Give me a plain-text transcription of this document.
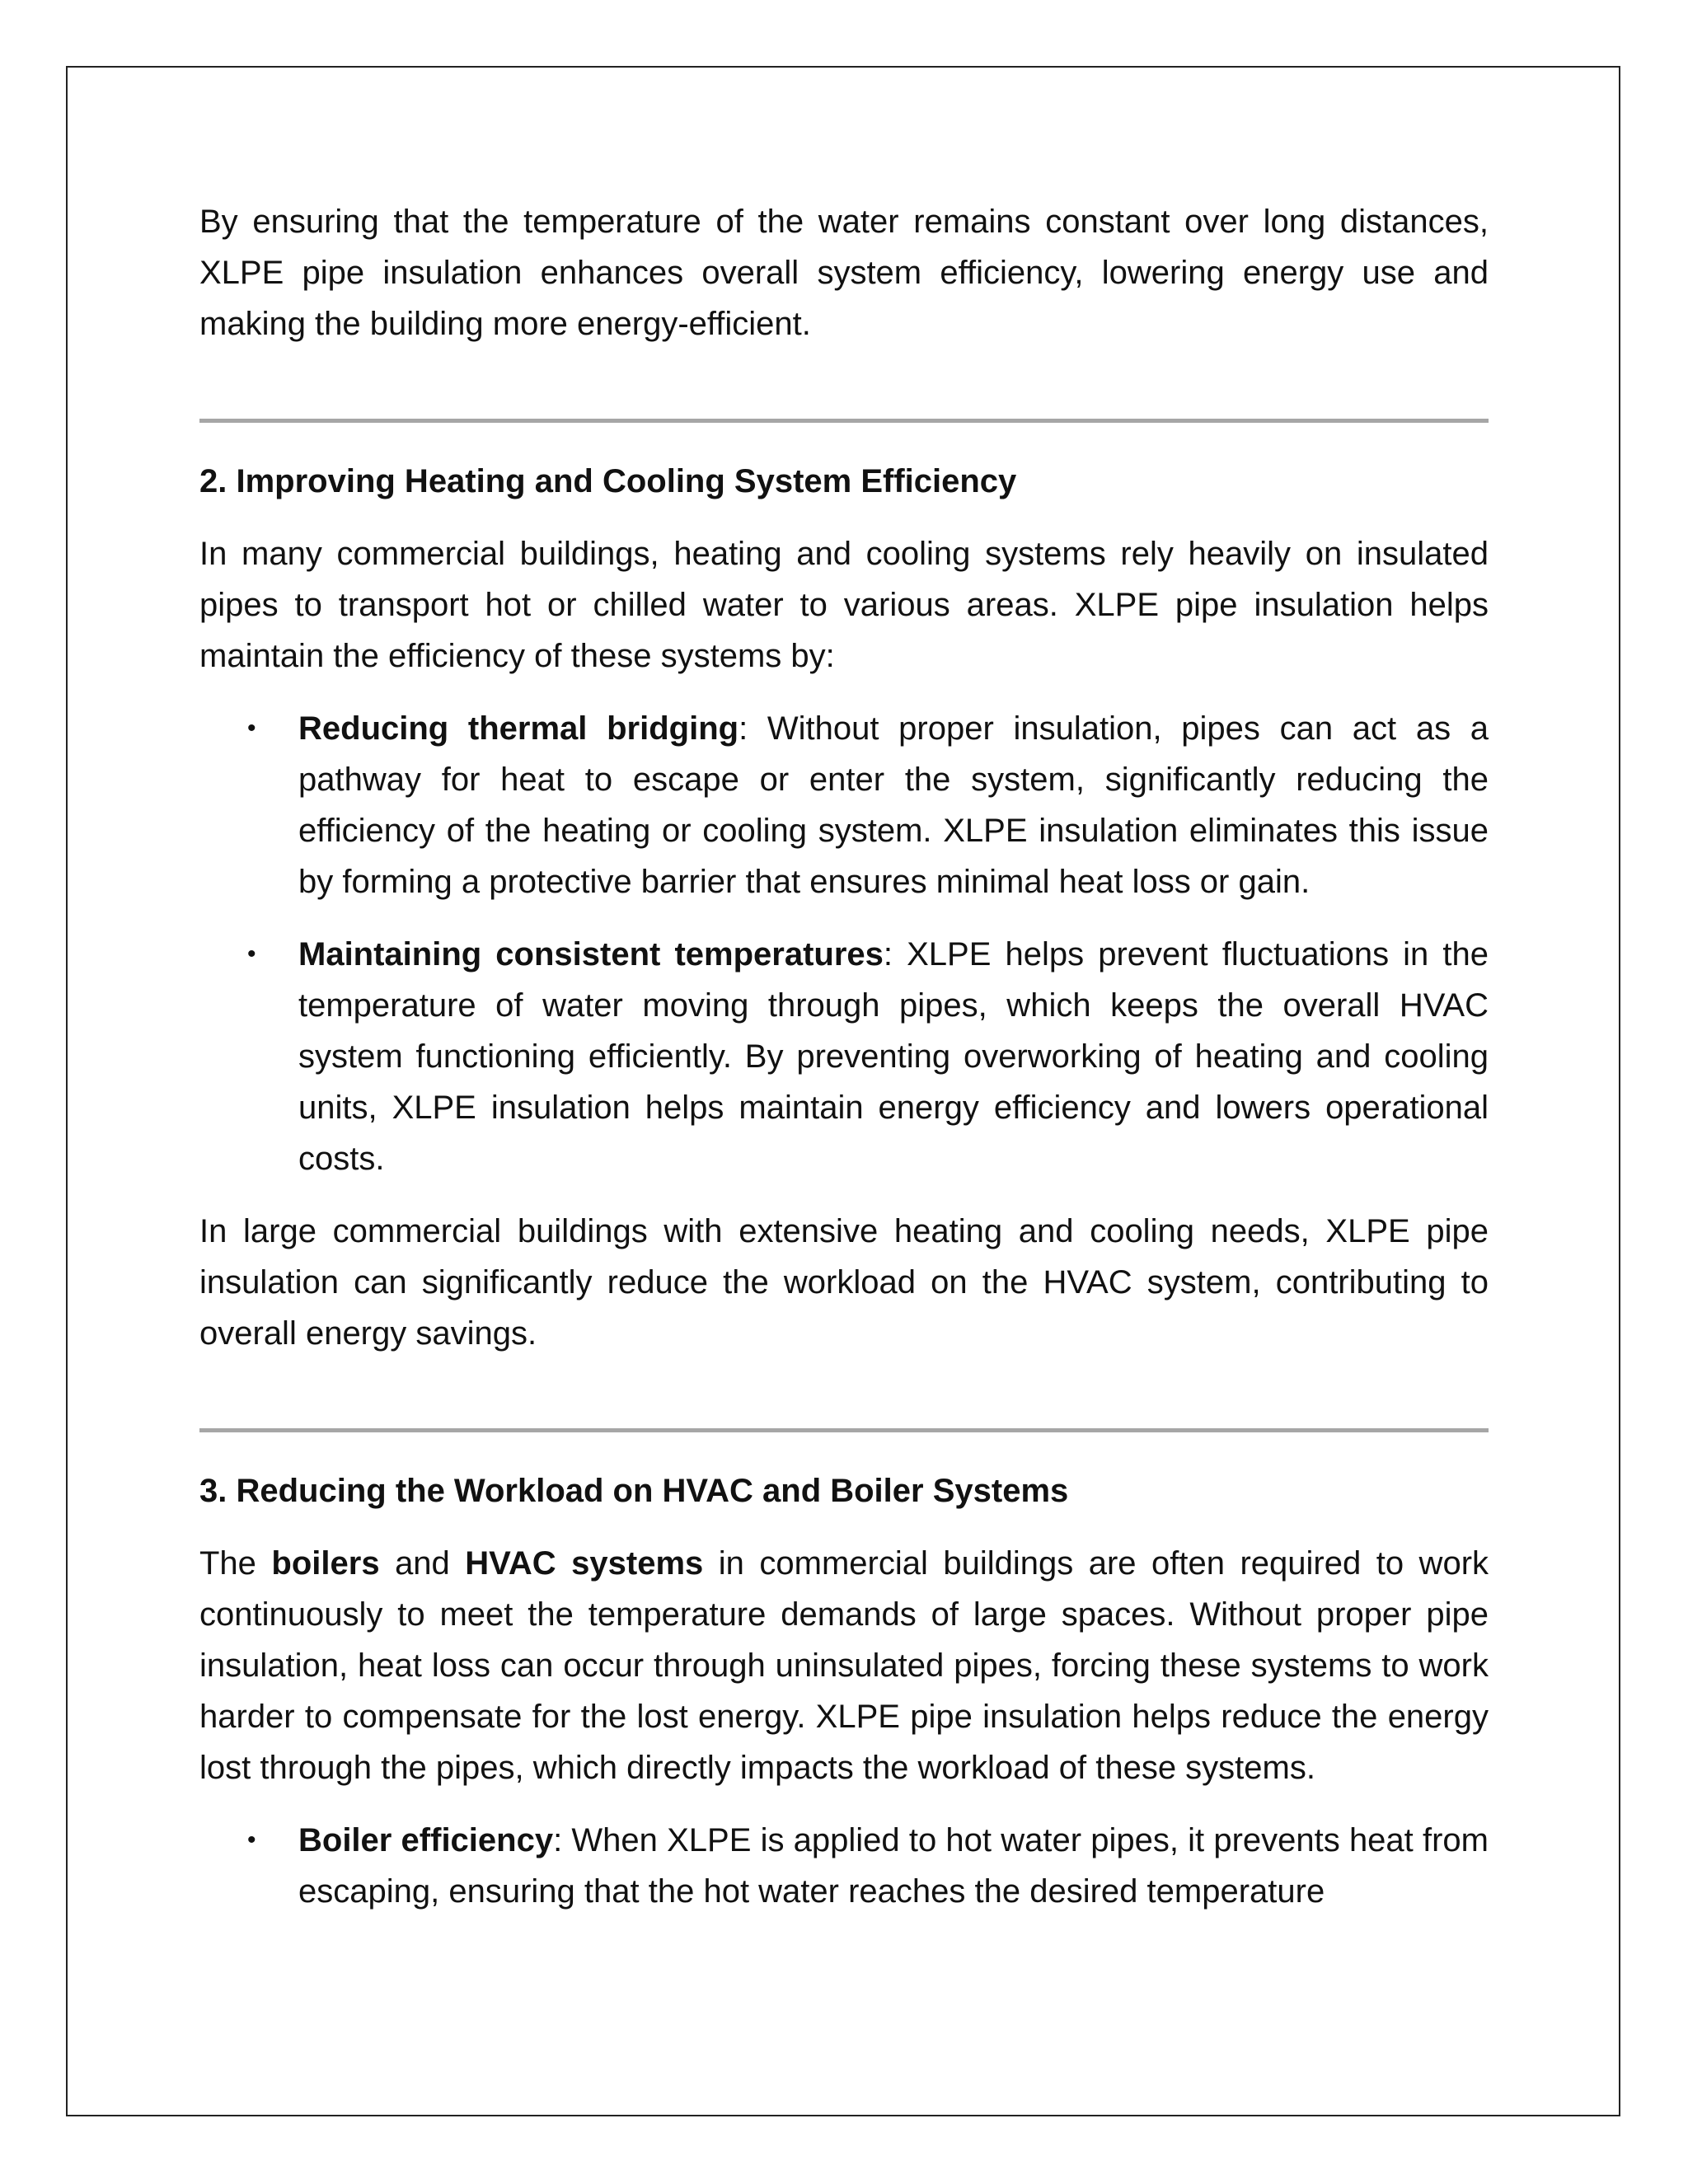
By ensuring that the temperature of the water remains constant over long distances, XLPE pipe insulation enhances overall system efficiency, lowering energy use and making the building more energy-efficient.

2. Improving Heating and Cooling System Efficiency

In many commercial buildings, heating and cooling systems rely heavily on insulated pipes to transport hot or chilled water to various areas. XLPE pipe insulation helps maintain the efficiency of these systems by:

• Reducing thermal bridging: Without proper insulation, pipes can act as a pathway for heat to escape or enter the system, significantly reducing the efficiency of the heating or cooling system. XLPE insulation eliminates this issue by forming a protective barrier that ensures minimal heat loss or gain.
• Maintaining consistent temperatures: XLPE helps prevent fluctuations in the temperature of water moving through pipes, which keeps the overall HVAC system functioning efficiently. By preventing overworking of heating and cooling units, XLPE insulation helps maintain energy efficiency and lowers operational costs.

In large commercial buildings with extensive heating and cooling needs, XLPE pipe insulation can significantly reduce the workload on the HVAC system, contributing to overall energy savings.

3. Reducing the Workload on HVAC and Boiler Systems

The boilers and HVAC systems in commercial buildings are often required to work continuously to meet the temperature demands of large spaces. Without proper pipe insulation, heat loss can occur through uninsulated pipes, forcing these systems to work harder to compensate for the lost energy. XLPE pipe insulation helps reduce the energy lost through the pipes, which directly impacts the workload of these systems.

• Boiler efficiency: When XLPE is applied to hot water pipes, it prevents heat from escaping, ensuring that the hot water reaches the desired temperature
